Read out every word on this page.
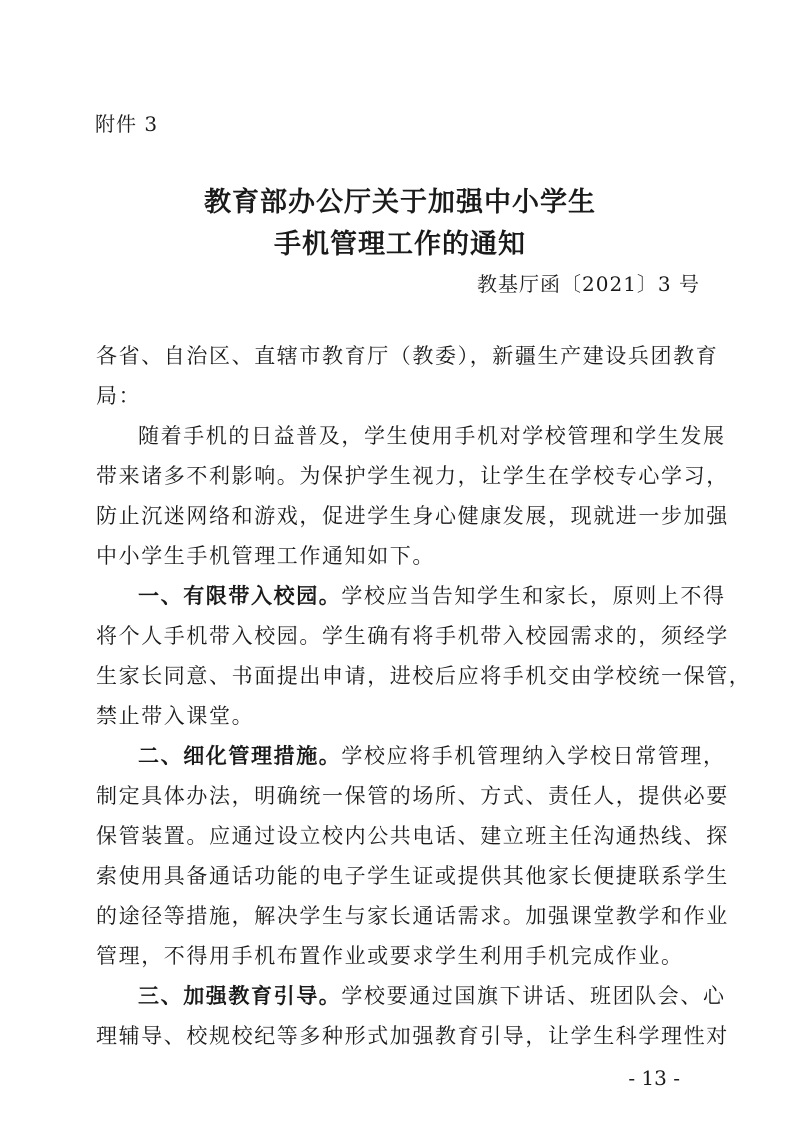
附件 3
教育部办公厅关于加强中小学生
手机管理工作的通知
教基厅函〔2021〕3 号
各省、自治区、直辖市教育厅（教委），新疆生产建设兵团教育
局：
随着手机的日益普及，学生使用手机对学校管理和学生发展
带来诸多不利影响。为保护学生视力，让学生在学校专心学习，
防止沉迷网络和游戏，促进学生身心健康发展，现就进一步加强
中小学生手机管理工作通知如下。
一、有限带入校园。学校应当告知学生和家长，原则上不得
将个人手机带入校园。学生确有将手机带入校园需求的，须经学
生家长同意、书面提出申请，进校后应将手机交由学校统一保管，
禁止带入课堂。
二、细化管理措施。学校应将手机管理纳入学校日常管理，
制定具体办法，明确统一保管的场所、方式、责任人，提供必要
保管装置。应通过设立校内公共电话、建立班主任沟通热线、探
索使用具备通话功能的电子学生证或提供其他家长便捷联系学生
的途径等措施，解决学生与家长通话需求。加强课堂教学和作业
管理，不得用手机布置作业或要求学生利用手机完成作业。
三、加强教育引导。学校要通过国旗下讲话、班团队会、心
理辅导、校规校纪等多种形式加强教育引导，让学生科学理性对
- 13 -
